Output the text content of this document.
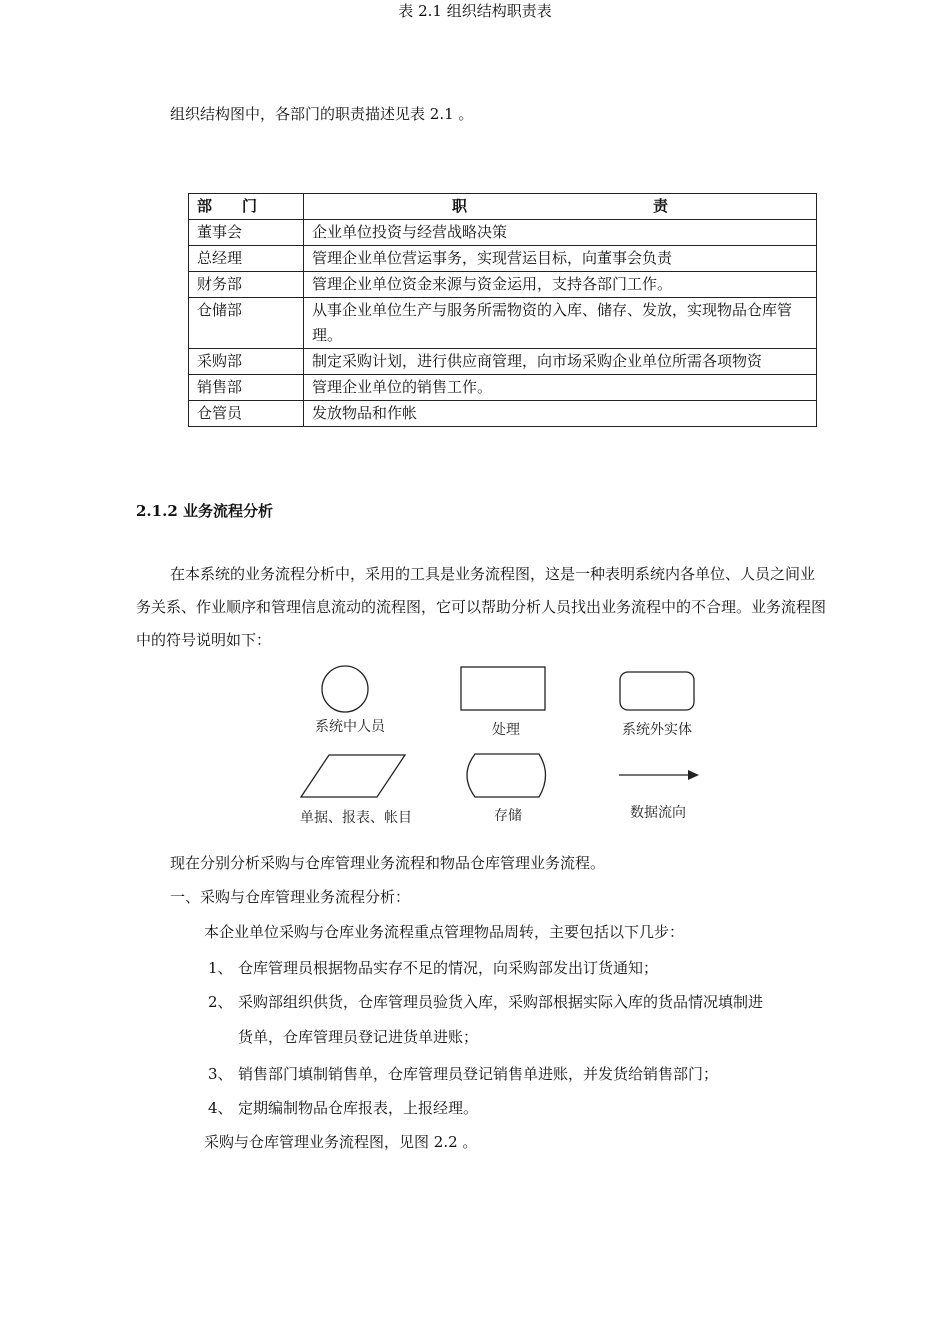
组织结构图中，各部门的职责描述见表 2.1 。
表 2.1 组织结构职责表
部门	职 责

董事会	企业单位投资与经营战略决策
总经理	管理企业单位营运事务，实现营运目标，向董事会负责
财务部	管理企业单位资金来源与资金运用，支持各部门工作。
仓储部	从事企业单位生产与服务所需物资的入库、储存、发放，实现物品仓库管理。
采购部	制定采购计划，进行供应商管理，向市场采购企业单位所需各项物资
销售部	管理企业单位的销售工作。
仓管员	发放物品和作帐
2.1.2 业务流程分析
在本系统的业务流程分析中，采用的工具是业务流程图，这是一种表明系统内各单位、人员之间业务关系、作业顺序和管理信息流动的流程图，它可以帮助分析人员找出业务流程中的不合理。业务流程图中的符号说明如下：
系统中人员	处理	系统外实体
单据、报表、帐目	存储	数据流向
现在分别分析采购与仓库管理业务流程和物品仓库管理业务流程。
一、采购与仓库管理业务流程分析：
本企业单位采购与仓库业务流程重点管理物品周转，主要包括以下几步：
1、 仓库管理员根据物品实存不足的情况，向采购部发出订货通知；
2、 采购部组织供货，仓库管理员验货入库，采购部根据实际入库的货品情况填制进
货单，仓库管理员登记进货单进账；
3、 销售部门填制销售单，仓库管理员登记销售单进账，并发货给销售部门；
4、 定期编制物品仓库报表，上报经理。
采购与仓库管理业务流程图，见图 2.2 。
